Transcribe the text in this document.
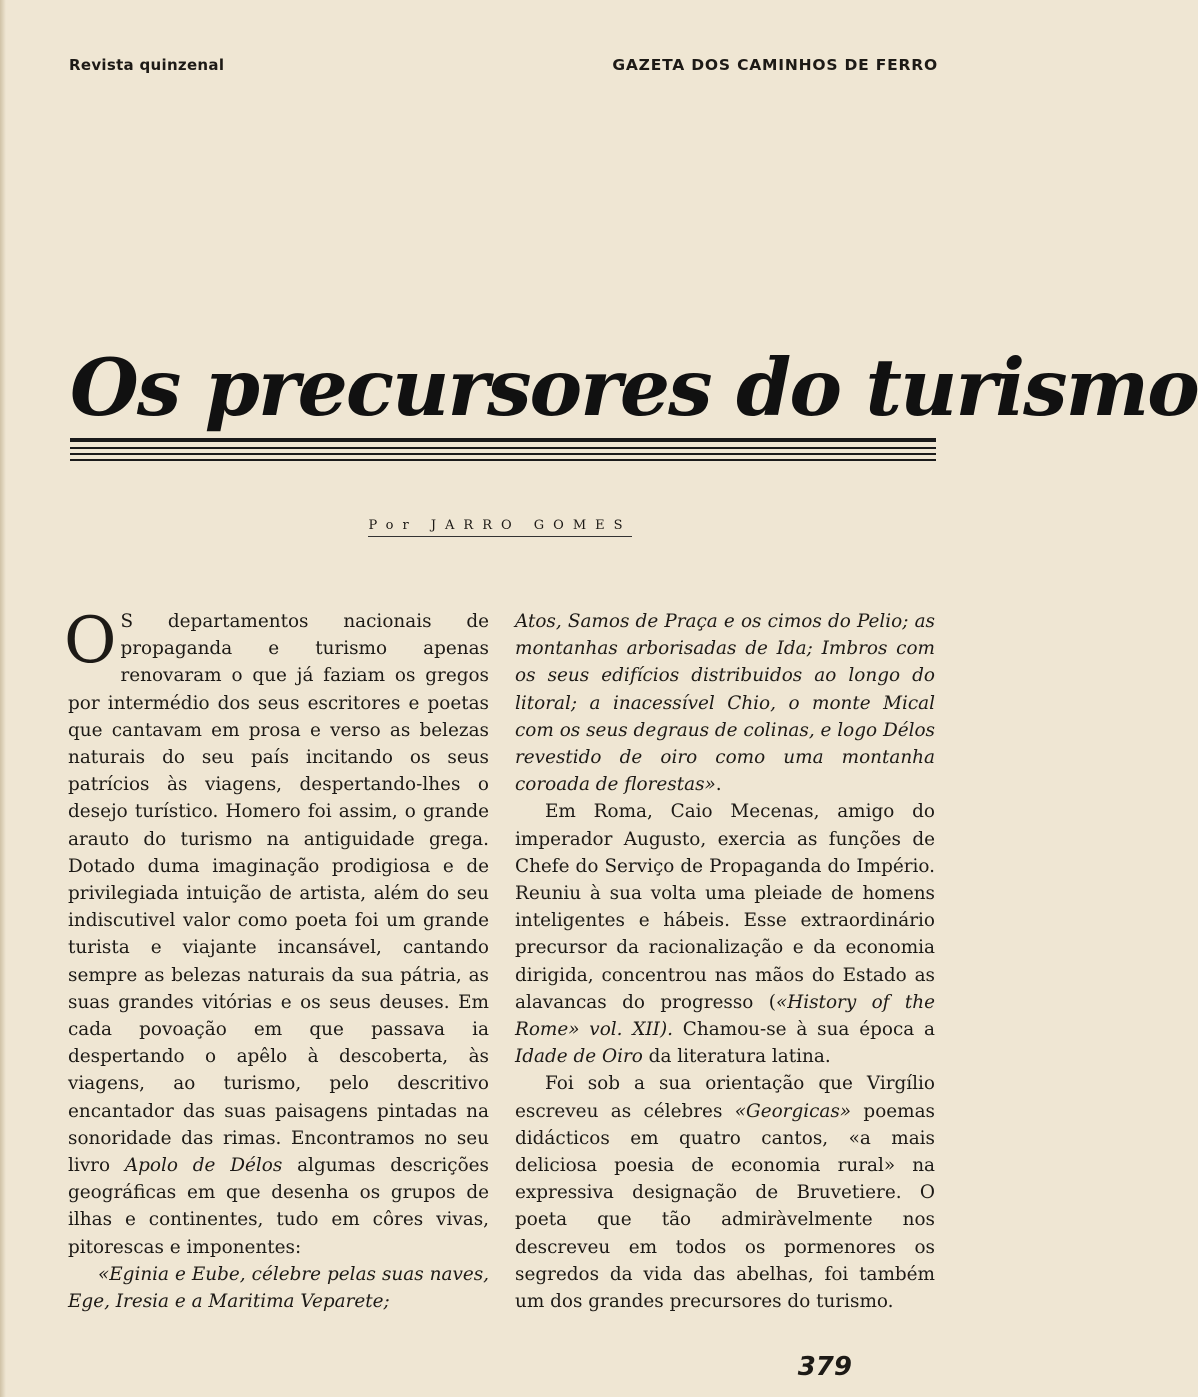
Revista quinzenal	GAZETA DOS CAMINHOS DE FERRO
Os precursores do turismo
Por JARRO GOMES

O S departamentos nacionais de propaganda e turismo apenas renovaram o que já faziam os gregos por intermédio dos seus escritores e poetas que cantavam em prosa e verso as belezas naturais do seu país incitando os seus patrícios às viagens, despertando-lhes o desejo turístico. Homero foi assim, o grande arauto do turismo na antiguidade grega. Dotado duma imaginação prodigiosa e de privilegiada intuição de artista, além do seu indiscutivel valor como poeta foi um grande turista e viajante incansável, cantando sempre as belezas naturais da sua pátria, as suas grandes vitórias e os seus deuses. Em cada povoação em que passava ia despertando o apêlo à descoberta, às viagens, ao turismo, pelo descritivo encantador das suas paisagens pintadas na sonoridade das rimas. Encontramos no seu livro Apolo de Délos algumas descrições geográficas em que desenha os grupos de ilhas e continentes, tudo em côres vivas, pitorescas e imponentes:

«Eginia e Eube, célebre pelas suas naves, Ege, Iresia e a Maritima Veparete;

Atos, Samos de Praça e os cimos do Pelio; as montanhas arborisadas de Ida; Imbros com os seus edifícios distribuidos ao longo do litoral; a inacessível Chio, o monte Mical com os seus degraus de colinas, e logo Délos revestido de oiro como uma montanha coroada de florestas».

Em Roma, Caio Mecenas, amigo do imperador Augusto, exercia as funções de Chefe do Serviço de Propaganda do Império. Reuniu à sua volta uma pleiade de homens inteligentes e hábeis. Esse extraordinário precursor da racionalização e da economia dirigida, concentrou nas mãos do Estado as alavancas do progresso («History of the Rome» vol. XII). Chamou-se à sua época a Idade de Oiro da literatura latina.

Foi sob a sua orientação que Virgílio escreveu as célebres «Georgicas» poemas didácticos em quatro cantos, «a mais deliciosa poesia de economia rural» na expressiva designação de Bruvetiere. O poeta que tão admiràvelmente nos descreveu em todos os pormenores os segredos da vida das abelhas, foi também um dos grandes precursores do turismo.

379
